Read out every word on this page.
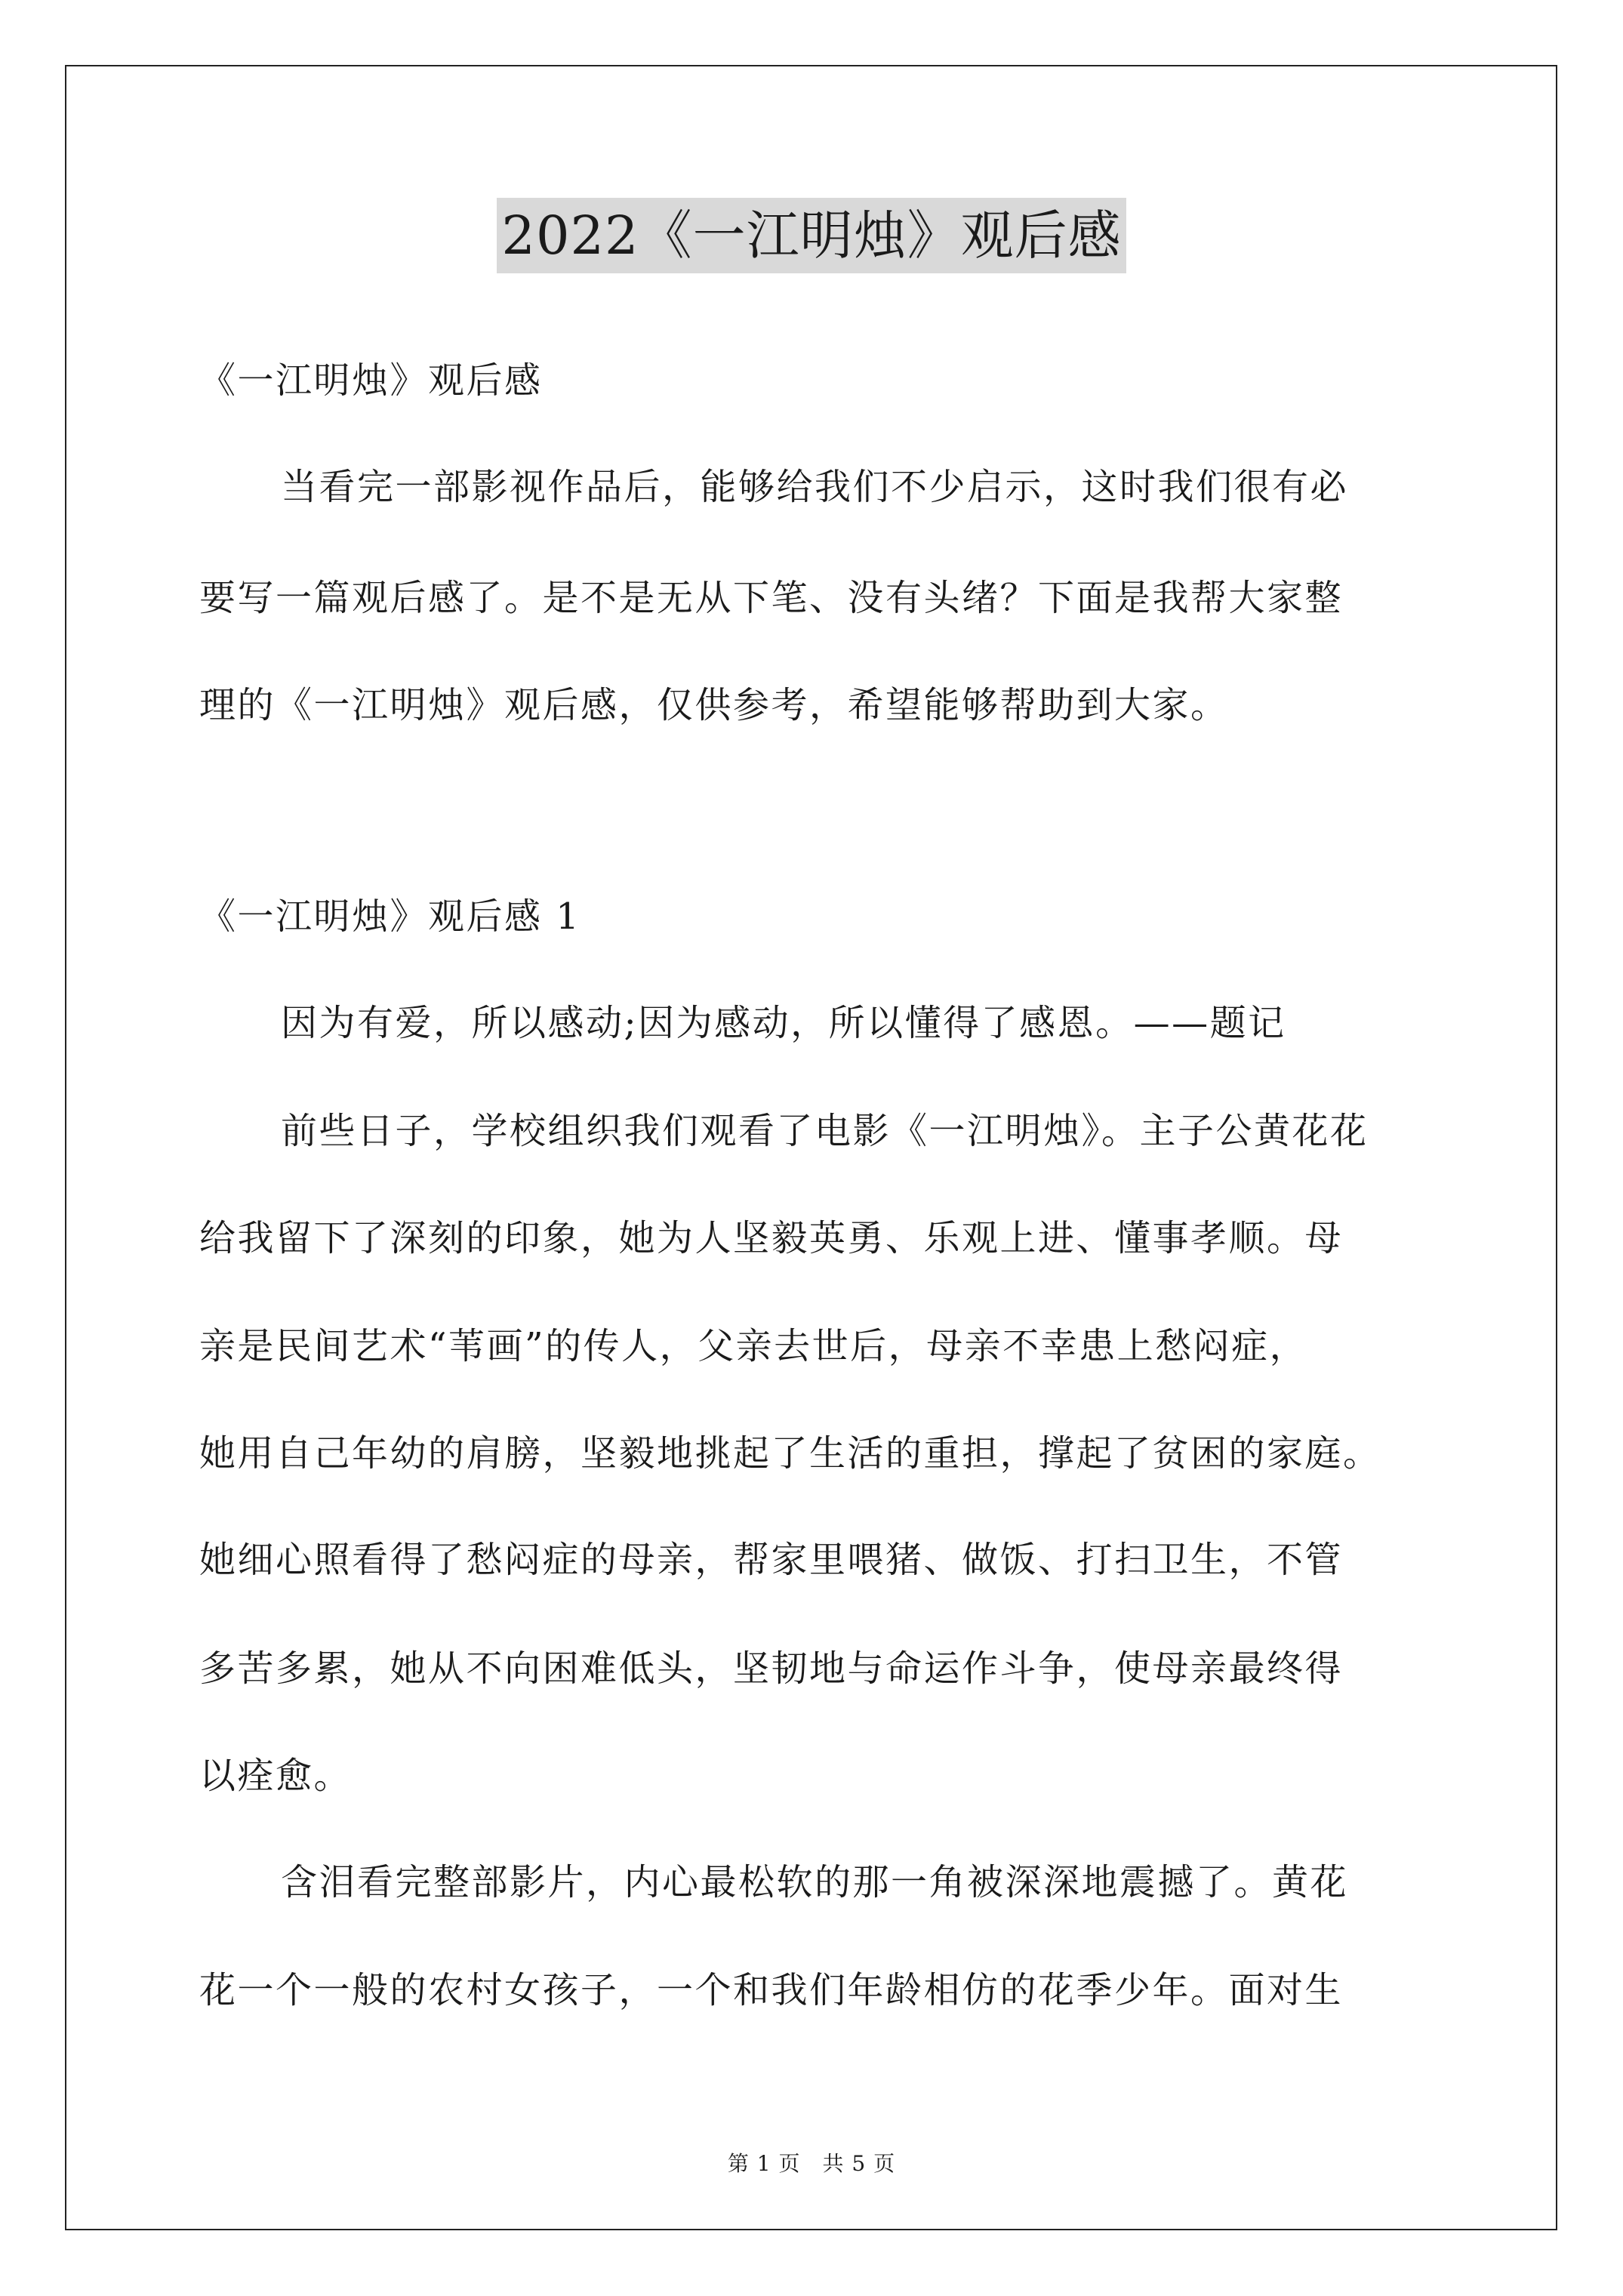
2022《一江明烛》观后感
《一江明烛》观后感
当看完一部影视作品后，能够给我们不少启示，这时我们很有必
要写一篇观后感了。是不是无从下笔、没有头绪？下面是我帮大家整
理的《一江明烛》观后感，仅供参考，希望能够帮助到大家。
《一江明烛》观后感 1
因为有爱，所以感动;因为感动，所以懂得了感恩。——题记
前些日子，学校组织我们观看了电影《一江明烛》。主子公黄花花
给我留下了深刻的印象，她为人坚毅英勇、乐观上进、懂事孝顺。母
亲是民间艺术“苇画”的传人，父亲去世后，母亲不幸患上愁闷症，
她用自己年幼的肩膀，坚毅地挑起了生活的重担，撑起了贫困的家庭。
她细心照看得了愁闷症的母亲，帮家里喂猪、做饭、打扫卫生，不管
多苦多累，她从不向困难低头，坚韧地与命运作斗争，使母亲最终得
以痊愈。
含泪看完整部影片，内心最松软的那一角被深深地震撼了。黄花
花一个一般的农村女孩子，一个和我们年龄相仿的花季少年。面对生
第 1 页　共 5 页
